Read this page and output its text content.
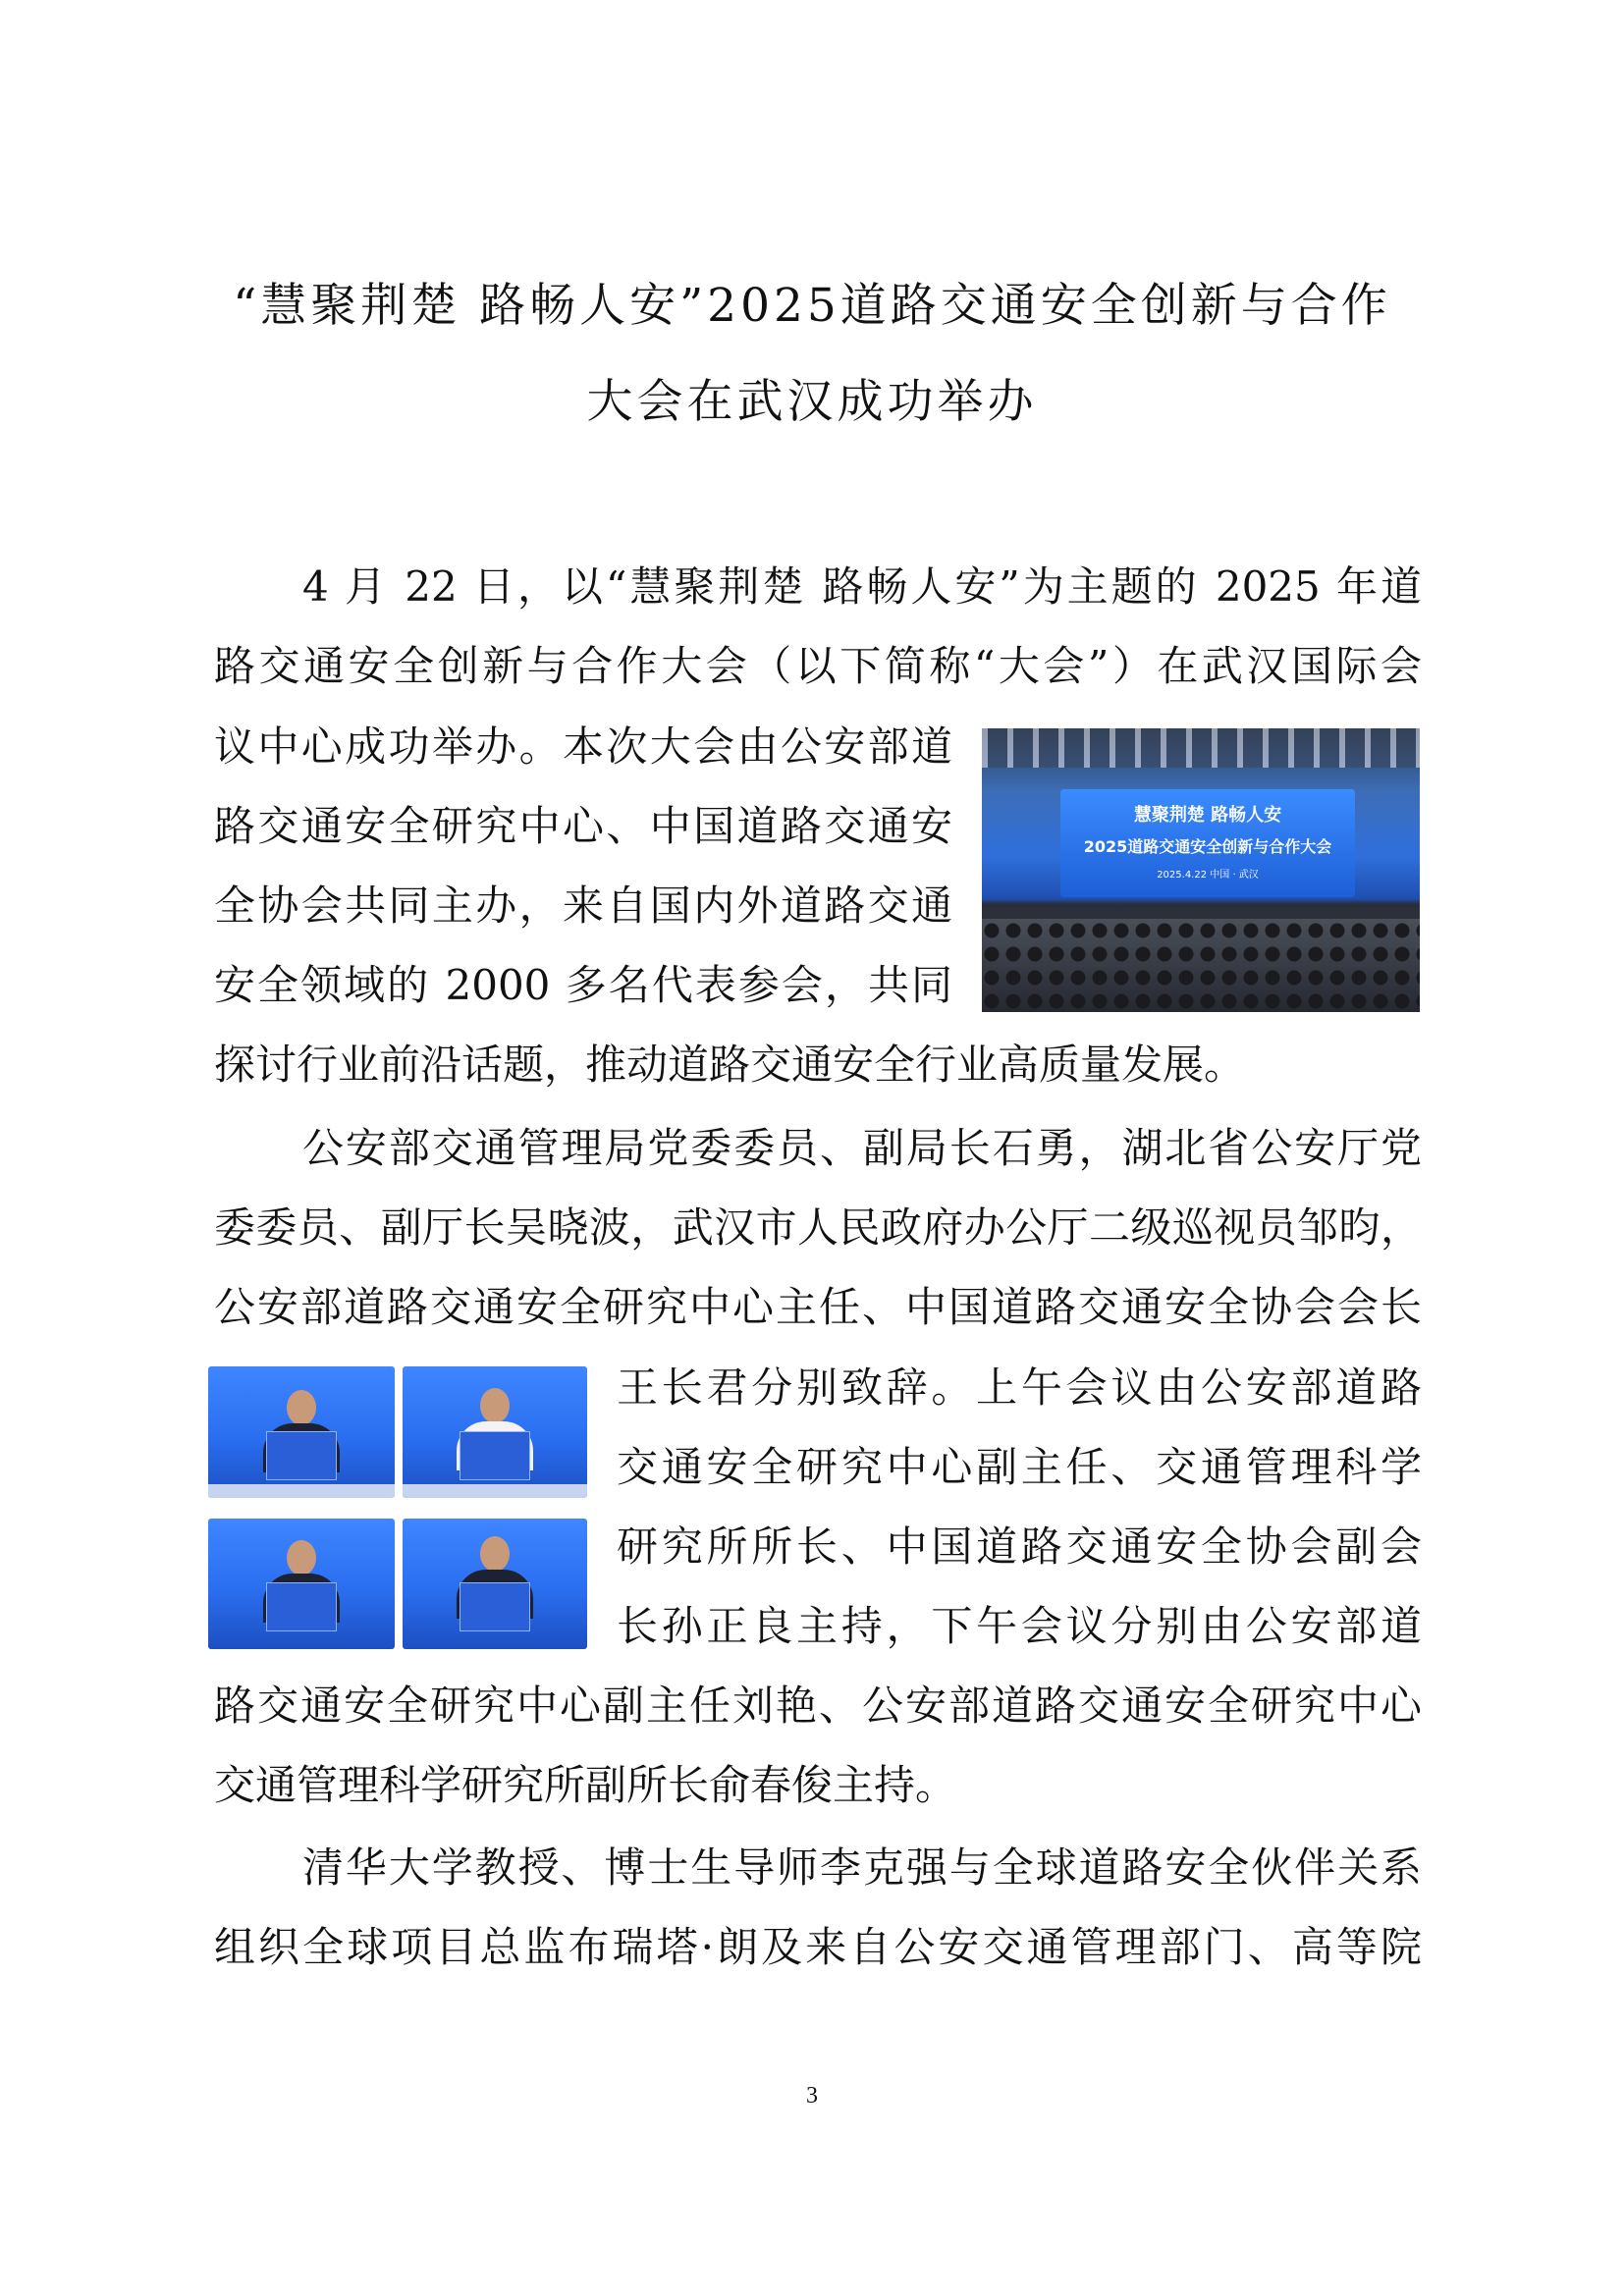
“慧聚荆楚 路畅人安”2025道路交通安全创新与合作
大会在武汉成功举办
4 月 22 日，以“慧聚荆楚 路畅人安”为主题的 2025 年道
路交通安全创新与合作大会（以下简称“大会”）在武汉国际会
议中心成功举办。本次大会由公安部道
路交通安全研究中心、中国道路交通安
全协会共同主办，来自国内外道路交通
安全领域的 2000 多名代表参会，共同
探讨行业前沿话题，推动道路交通安全行业高质量发展。
慧聚荆楚 路畅人安
2025道路交通安全创新与合作大会
2025.4.22 中国 · 武汉
公安部交通管理局党委委员、副局长石勇，湖北省公安厅党
委委员、副厅长吴晓波，武汉市人民政府办公厅二级巡视员邹昀，
公安部道路交通安全研究中心主任、中国道路交通安全协会会长
王长君分别致辞。上午会议由公安部道路
交通安全研究中心副主任、交通管理科学
研究所所长、中国道路交通安全协会副会
长孙正良主持，下午会议分别由公安部道
路交通安全研究中心副主任刘艳、公安部道路交通安全研究中心
交通管理科学研究所副所长俞春俊主持。
清华大学教授、博士生导师李克强与全球道路安全伙伴关系
组织全球项目总监布瑞塔·朗及来自公安交通管理部门、高等院
3
